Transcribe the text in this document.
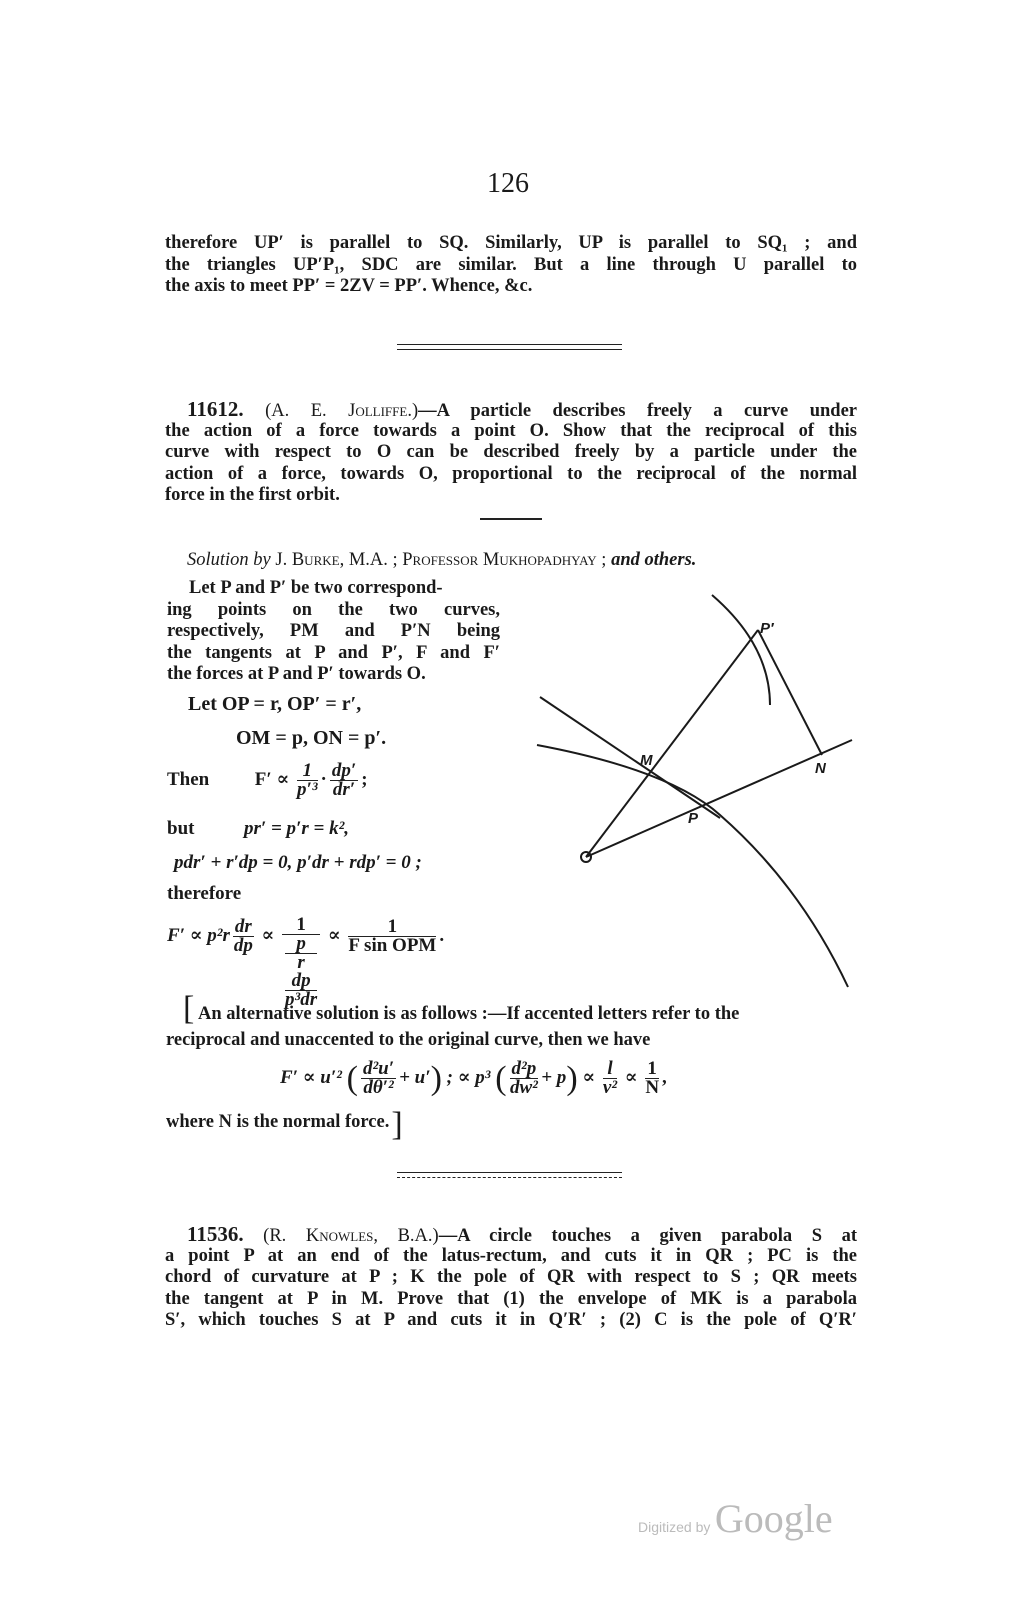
126
therefore UP′ is parallel to SQ. Similarly, UP is parallel to SQ₁ ; and
the triangles UP′P₁, SDC are similar. But a line through U parallel to
the axis to meet PP′ = 2ZV = PP′. Whence, &c.
11612. (A. E. Jolliffe.)—A particle describes freely a curve under
the action of a force towards a point O. Show that the reciprocal of this
curve with respect to O can be described freely by a particle under the
action of a force, towards O, proportional to the reciprocal of the normal
force in the first orbit.
Solution by J. Burke, M.A. ; Professor Mukhopadhyay ; and others.
Let P and P′ be two correspond-
ing points on the two curves,
respectively, PM and P′N being
the tangents at P and P′, F and F′
the forces at P and P′ towards O.
Let OP = r, OP′ = r′,
OM = p, ON = p′.
Then $F' \propto \frac{1}{\text{p′³}} \cdot \frac{dp'}{dr'}$ ;
but	pr′ = p′r = k²,
pdr′ + r′dp = 0, p′dr + rdp′ = 0 ;
therefore
$F' \propto p^2r \frac{dr}{dp} \propto 1$
p
r
dp
$p^3dr \propto \frac{1}{\text{F sin OPM}}$ .
P′
M	N
P
[ An alternative solution is as follows :—If accented letters refer to the
reciprocal and unaccented to the original curve, then we have
F′ ∝ u′² ( $\frac{\text{d²u′}}{\text{dθ′²}} + u'$) ; ∝ p³ ( $\frac{\text{d²p}}{\text{dw²}} + p) \propto \frac{l}{\text{v²}} \propto \frac{1}{N}$ ,
where N is the normal force.]
11536. (R. Knowles, B.A.)—A circle touches a given parabola S at
a point P at an end of the latus-rectum, and cuts it in QR ; PC is the
chord of curvature at P ; K the pole of QR with respect to S ; QR meets
the tangent at P in M. Prove that (1) the envelope of MK is a parabola
S′, which touches S at P and cuts it in Q′R′ ; (2) C is the pole of Q′R′
Digitized by Google
